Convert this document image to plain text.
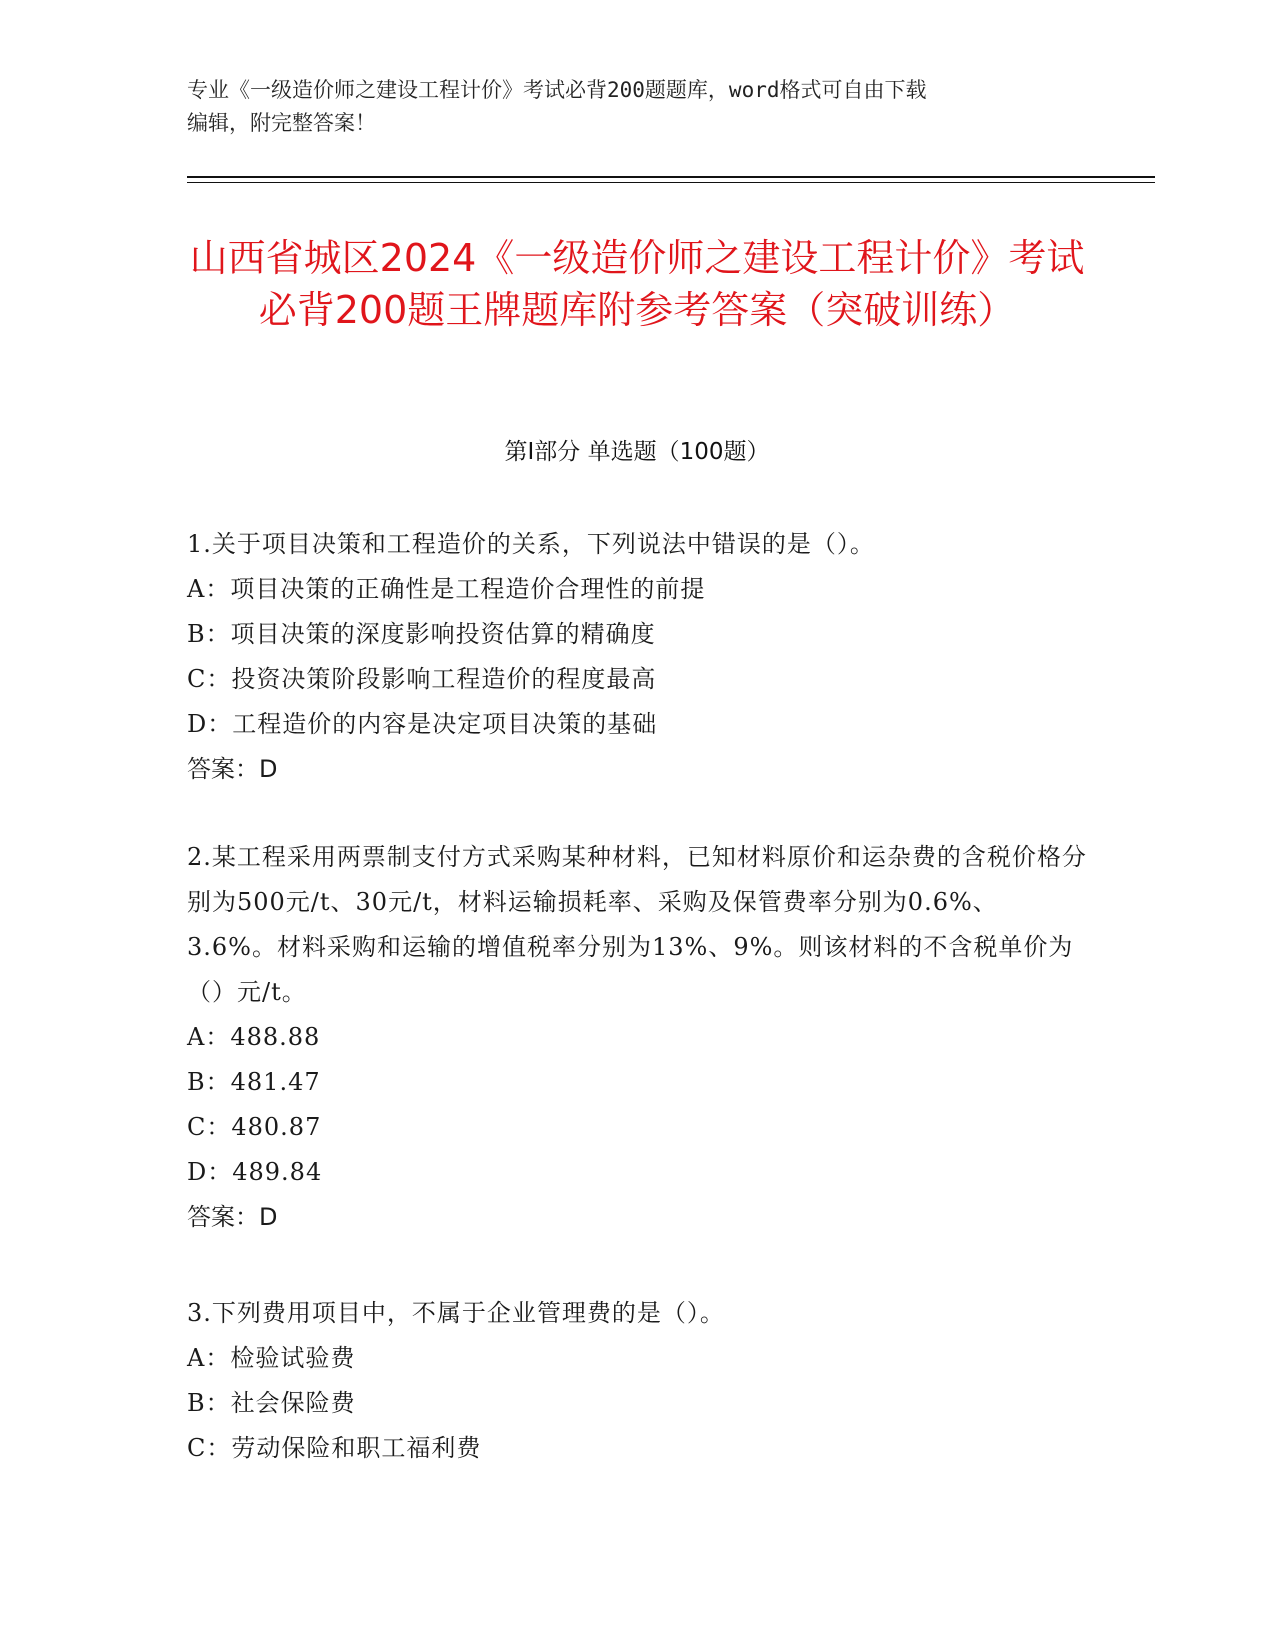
专业《一级造价师之建设工程计价》考试必背200题题库，word格式可自由下载
编辑，附完整答案！
山西省城区2024《一级造价师之建设工程计价》考试必背200题王牌题库附参考答案（突破训练）
第Ⅰ部分 单选题（100题）
1.关于项目决策和工程造价的关系，下列说法中错误的是（）。
A：项目决策的正确性是工程造价合理性的前提
B：项目决策的深度影响投资估算的精确度
C：投资决策阶段影响工程造价的程度最高
D：工程造价的内容是决定项目决策的基础
答案：D
2.某工程采用两票制支付方式采购某种材料，已知材料原价和运杂费的含税价格分别为500元/t、30元/t，材料运输损耗率、采购及保管费率分别为0.6%、3.6%。材料采购和运输的增值税率分别为13%、9%。则该材料的不含税单价为（）元/t。
A：488.88
B：481.47
C：480.87
D：489.84
答案：D
3.下列费用项目中，不属于企业管理费的是（）。
A：检验试验费
B：社会保险费
C：劳动保险和职工福利费
